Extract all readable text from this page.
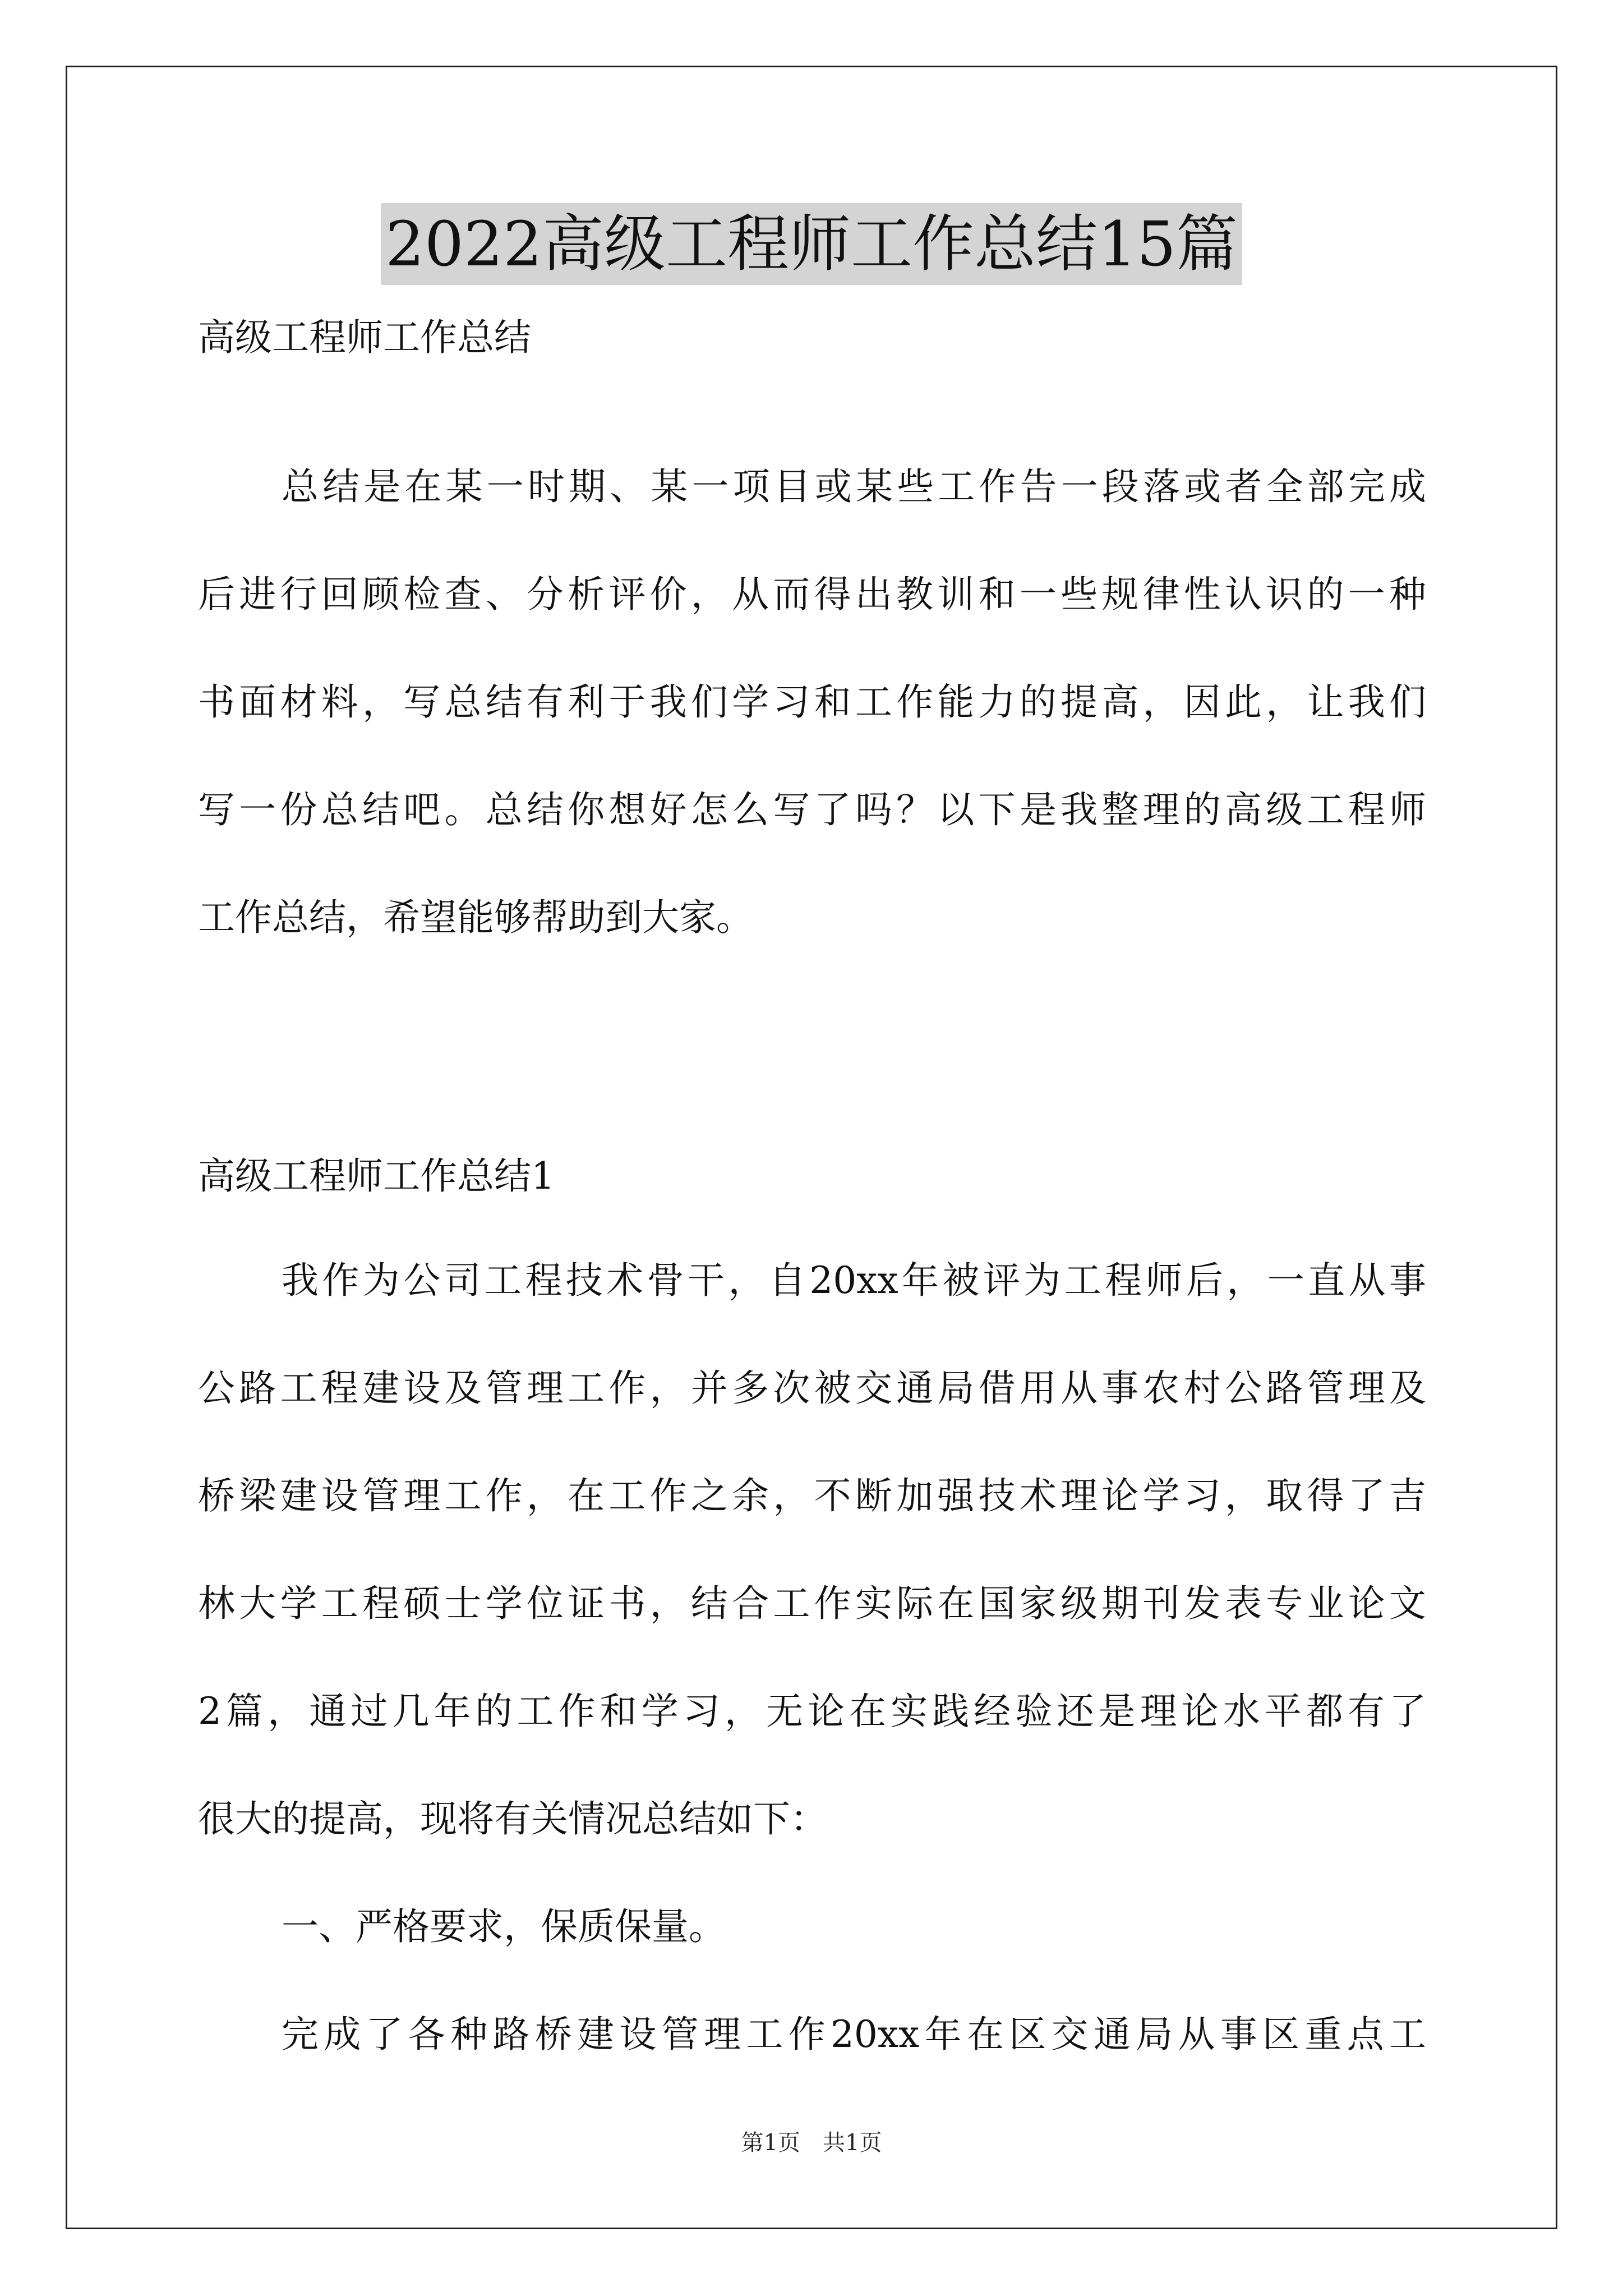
2022高级工程师工作总结15篇
高级工程师工作总结
总结是在某一时期、某一项目或某些工作告一段落或者全部完成
后进行回顾检查、分析评价，从而得出教训和一些规律性认识的一种
书面材料，写总结有利于我们学习和工作能力的提高，因此，让我们
写一份总结吧。总结你想好怎么写了吗？以下是我整理的高级工程师
工作总结，希望能够帮助到大家。
高级工程师工作总结1
我作为公司工程技术骨干，自20xx年被评为工程师后，一直从事
公路工程建设及管理工作，并多次被交通局借用从事农村公路管理及
桥梁建设管理工作，在工作之余，不断加强技术理论学习，取得了吉
林大学工程硕士学位证书，结合工作实际在国家级期刊发表专业论文
2篇，通过几年的工作和学习，无论在实践经验还是理论水平都有了
很大的提高，现将有关情况总结如下：
一、严格要求，保质保量。
完成了各种路桥建设管理工作20xx年在区交通局从事区重点工
第1页　共1页
